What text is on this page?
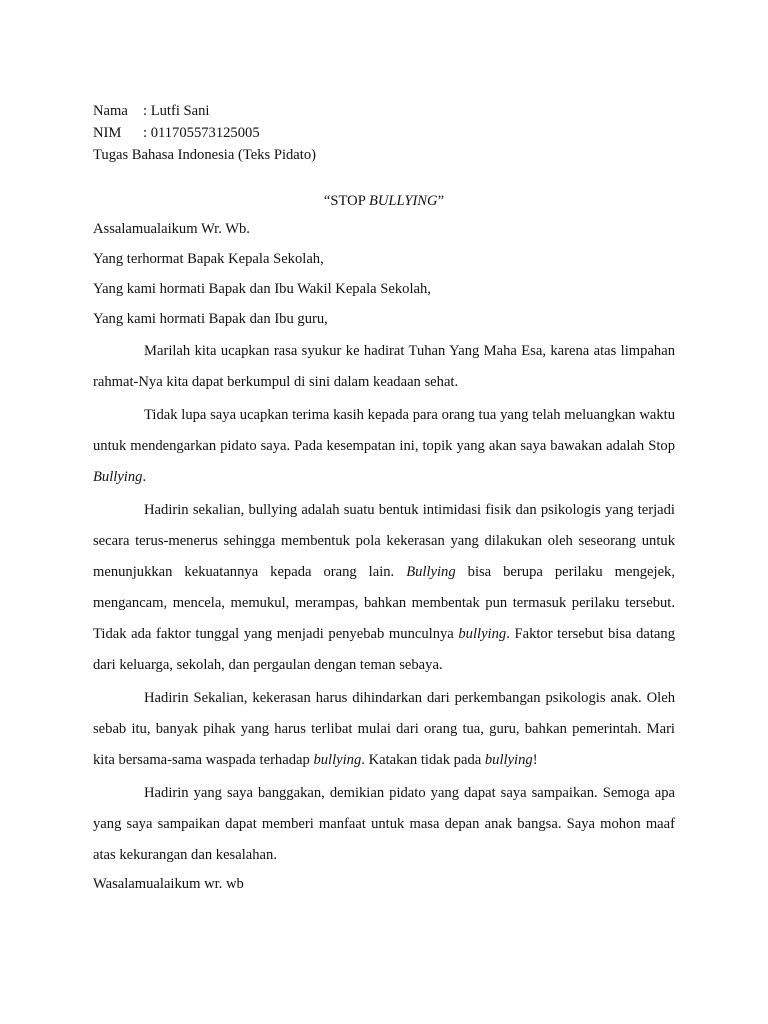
Nama : Lutfi Sani
NIM : 011705573125005
Tugas Bahasa Indonesia (Teks Pidato)
“STOP BULLYING”
Assalamualaikum Wr. Wb.
Yang terhormat Bapak Kepala Sekolah,
Yang kami hormati Bapak dan Ibu Wakil Kepala Sekolah,
Yang kami hormati Bapak dan Ibu guru,

Marilah kita ucapkan rasa syukur ke hadirat Tuhan Yang Maha Esa, karena atas limpahan rahmat-Nya kita dapat berkumpul di sini dalam keadaan sehat.

Tidak lupa saya ucapkan terima kasih kepada para orang tua yang telah meluangkan waktu untuk mendengarkan pidato saya. Pada kesempatan ini, topik yang akan saya bawakan adalah Stop Bullying.

Hadirin sekalian, bullying adalah suatu bentuk intimidasi fisik dan psikologis yang terjadi secara terus-menerus sehingga membentuk pola kekerasan yang dilakukan oleh seseorang untuk menunjukkan kekuatannya kepada orang lain. Bullying bisa berupa perilaku mengejek, mengancam, mencela, memukul, merampas, bahkan membentak pun termasuk perilaku tersebut. Tidak ada faktor tunggal yang menjadi penyebab munculnya bullying. Faktor tersebut bisa datang dari keluarga, sekolah, dan pergaulan dengan teman sebaya.

Hadirin Sekalian, kekerasan harus dihindarkan dari perkembangan psikologis anak. Oleh sebab itu, banyak pihak yang harus terlibat mulai dari orang tua, guru, bahkan pemerintah. Mari kita bersama-sama waspada terhadap bullying. Katakan tidak pada bullying!

Hadirin yang saya banggakan, demikian pidato yang dapat saya sampaikan. Semoga apa yang saya sampaikan dapat memberi manfaat untuk masa depan anak bangsa. Saya mohon maaf atas kekurangan dan kesalahan.

Wasalamualaikum wr. wb
